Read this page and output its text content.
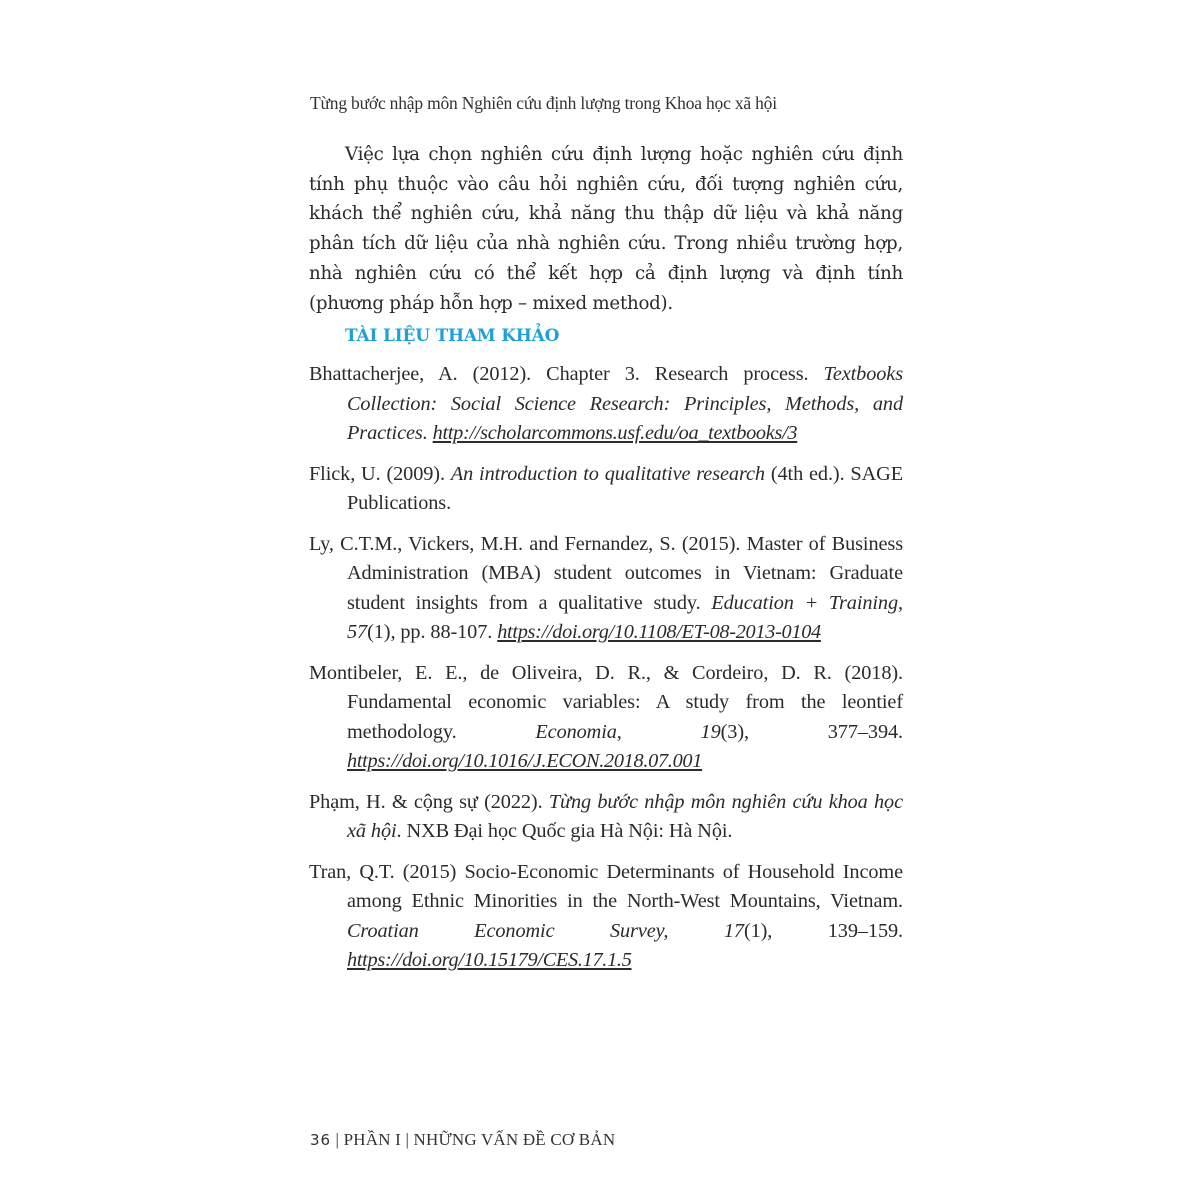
Từng bước nhập môn Nghiên cứu định lượng trong Khoa học xã hội

Việc lựa chọn nghiên cứu định lượng hoặc nghiên cứu định tính phụ thuộc vào câu hỏi nghiên cứu, đối tượng nghiên cứu, khách thể nghiên cứu, khả năng thu thập dữ liệu và khả năng phân tích dữ liệu của nhà nghiên cứu. Trong nhiều trường hợp, nhà nghiên cứu có thể kết hợp cả định lượng và định tính (phương pháp hỗn hợp – mixed method).

TÀI LIỆU THAM KHẢO
Bhattacherjee, A. (2012). Chapter 3. Research process. Textbooks Collection: Social Science Research: Principles, Methods, and Practices. http://scholarcommons.usf.edu/oa_textbooks/3
Flick, U. (2009). An introduction to qualitative research (4th ed.). SAGE Publications.
Ly, C.T.M., Vickers, M.H. and Fernandez, S. (2015). Master of Business Administration (MBA) student outcomes in Vietnam: Graduate student insights from a qualitative study. Education + Training, 57(1), pp. 88-107. https://doi.org/10.1108/ET-08-2013-0104
Montibeler, E. E., de Oliveira, D. R., & Cordeiro, D. R. (2018). Fundamental economic variables: A study from the leontief methodology. Economia, 19(3), 377–394. https://doi.org/10.1016/J.ECON.2018.07.001
Phạm, H. & cộng sự (2022). Từng bước nhập môn nghiên cứu khoa học xã hội. NXB Đại học Quốc gia Hà Nội: Hà Nội.
Tran, Q.T. (2015) Socio-Economic Determinants of Household Income among Ethnic Minorities in the North-West Mountains, Vietnam. Croatian Economic Survey, 17(1), 139–159. https://doi.org/10.15179/CES.17.1.5
36 | PHẦN I | NHỮNG VẤN ĐỀ CƠ BẢN
